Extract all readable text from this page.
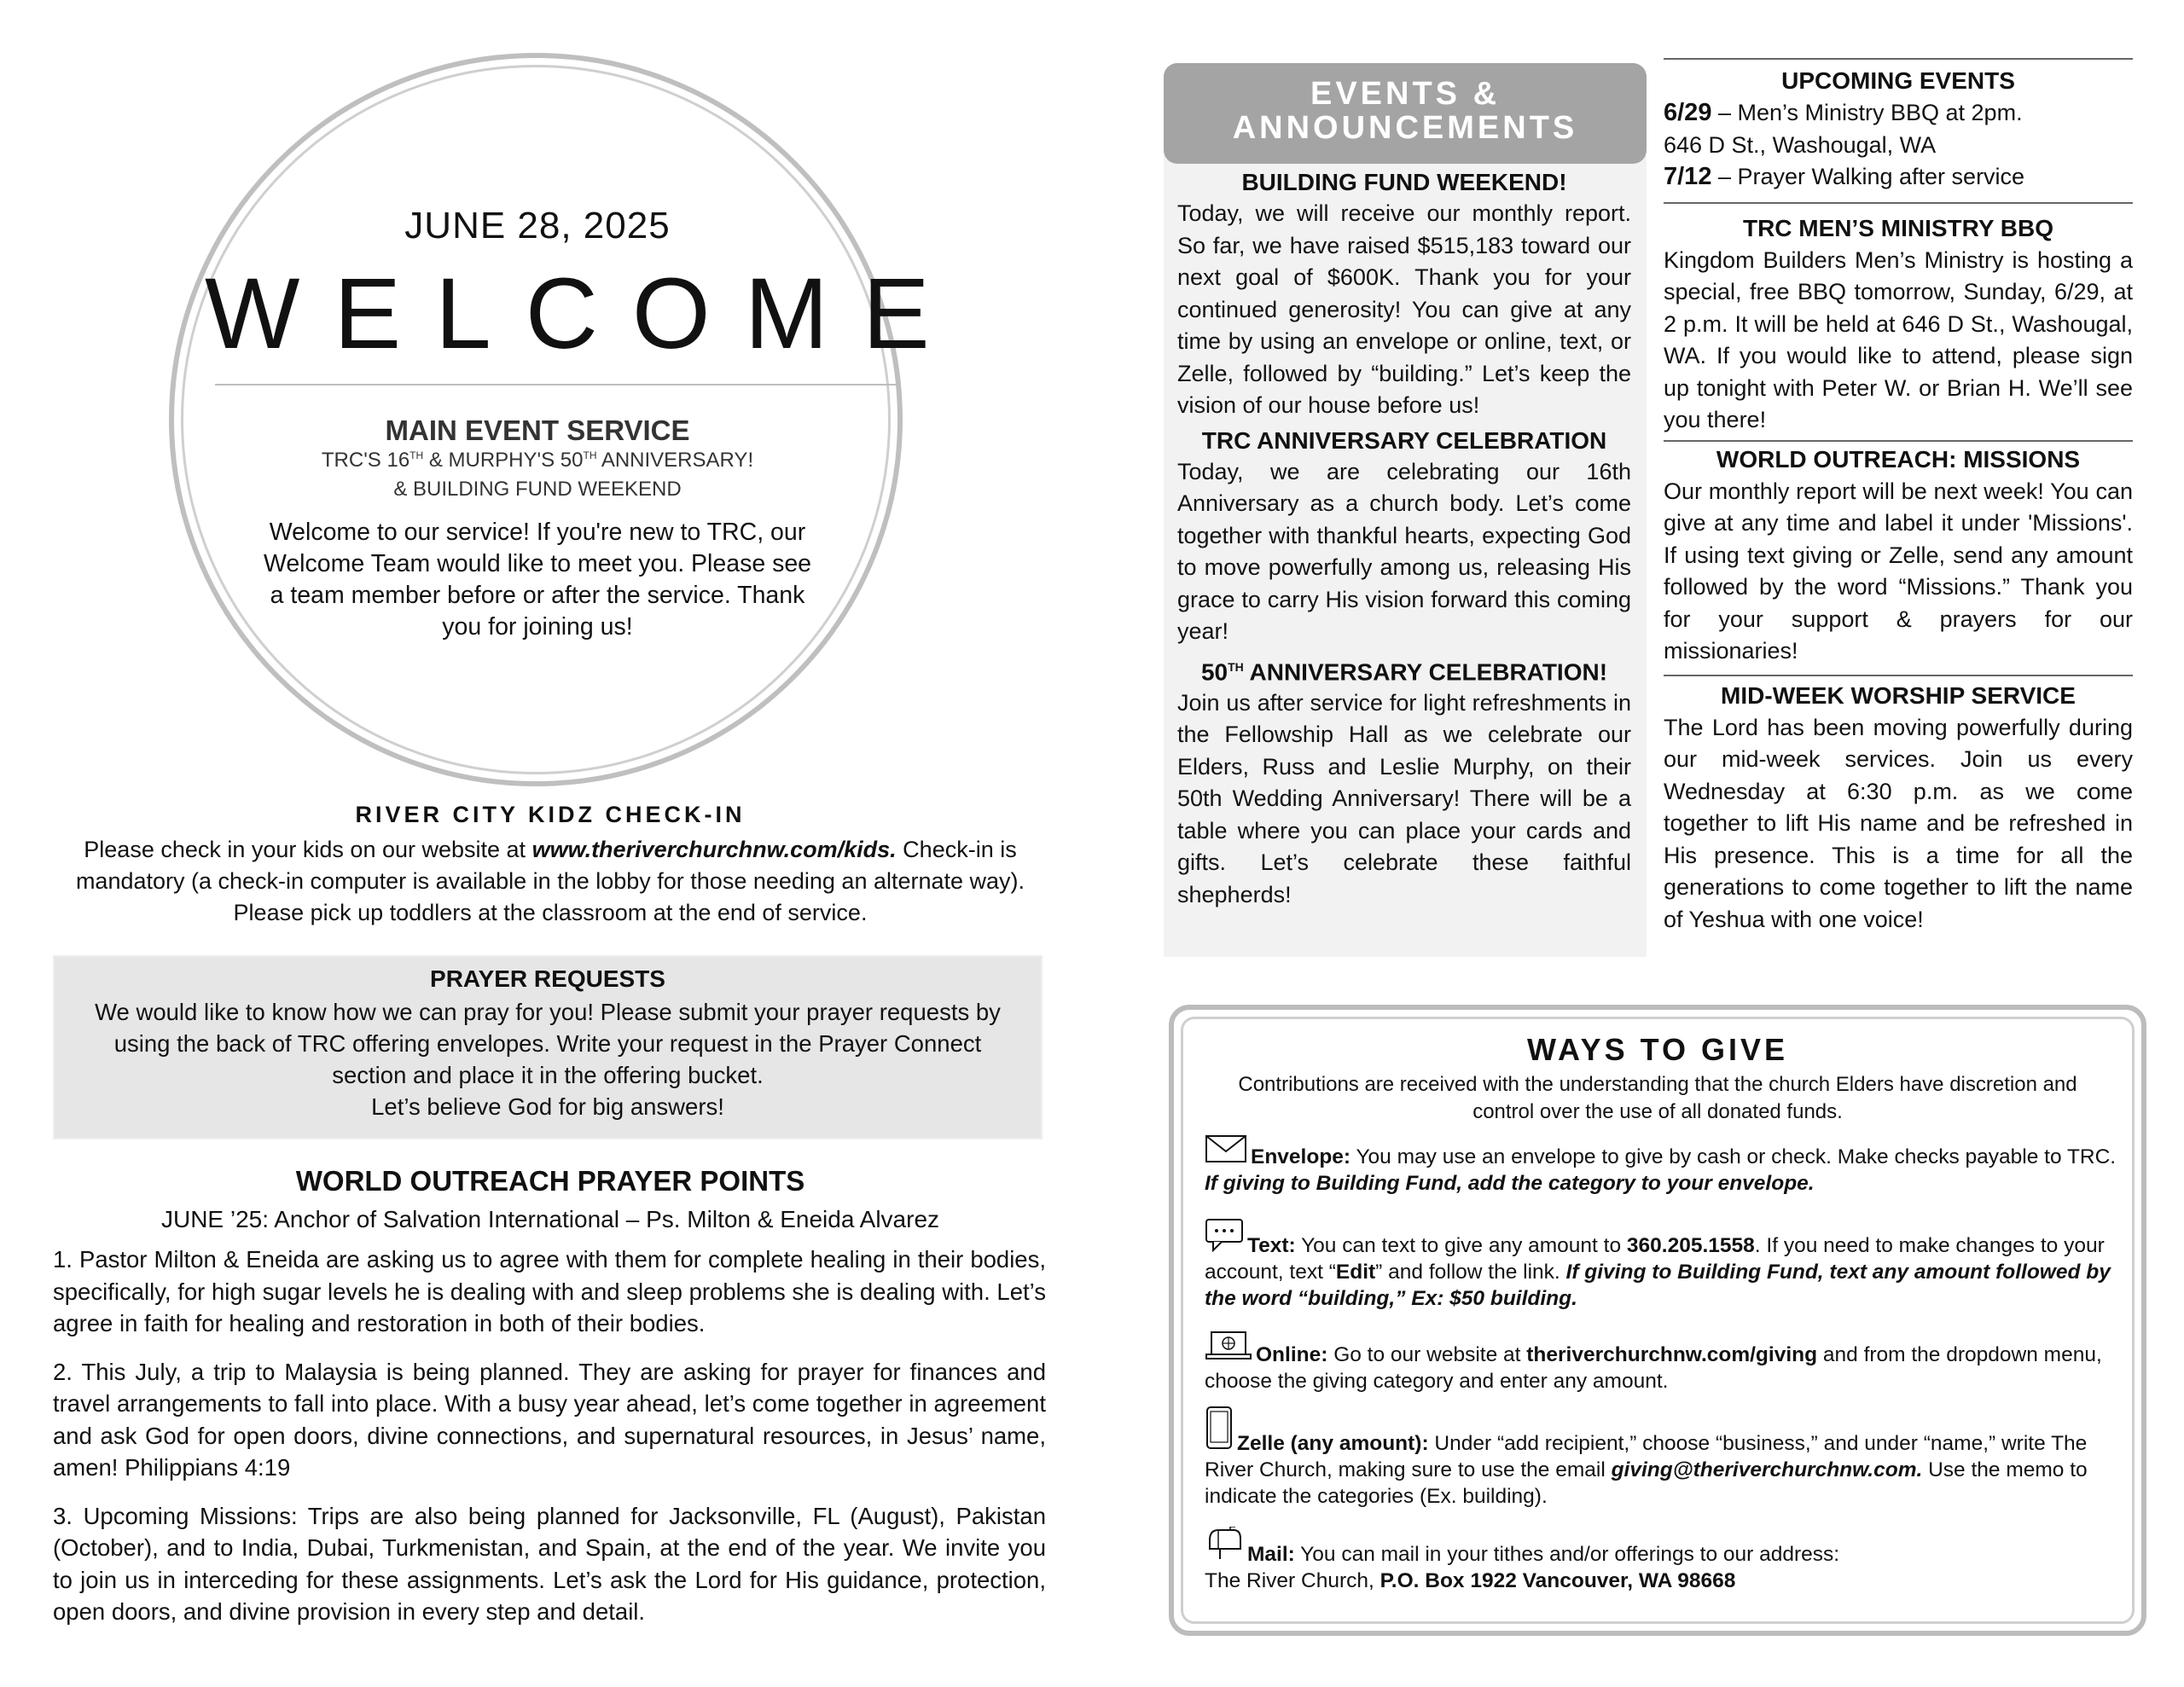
JUNE 28, 2025
WELCOME
MAIN EVENT SERVICE
TRC'S 16TH & MURPHY'S 50TH ANNIVERSARY!
& BUILDING FUND WEEKEND
Welcome to our service! If you're new to TRC, our Welcome Team would like to meet you. Please see a team member before or after the service. Thank you for joining us!
RIVER CITY KIDZ CHECK-IN
Please check in your kids on our website at www.theriverchurchnw.com/kids. Check-in is mandatory (a check-in computer is available in the lobby for those needing an alternate way). Please pick up toddlers at the classroom at the end of service.
PRAYER REQUESTS
We would like to know how we can pray for you! Please submit your prayer requests by using the back of TRC offering envelopes. Write your request in the Prayer Connect section and place it in the offering bucket.
Let’s believe God for big answers!
WORLD OUTREACH PRAYER POINTS
JUNE ’25: Anchor of Salvation International – Ps. Milton & Eneida Alvarez

1. Pastor Milton & Eneida are asking us to agree with them for complete healing in their bodies, specifically, for high sugar levels he is dealing with and sleep problems she is dealing with. Let’s agree in faith for healing and restoration in both of their bodies.

2. This July, a trip to Malaysia is being planned. They are asking for prayer for finances and travel arrangements to fall into place. With a busy year ahead, let’s come together in agreement and ask God for open doors, divine connections, and supernatural resources, in Jesus’ name, amen! Philippians 4:19

3. Upcoming Missions: Trips are also being planned for Jacksonville, FL (August), Pakistan (October), and to India, Dubai, Turkmenistan, and Spain, at the end of the year. We invite you to join us in interceding for these assignments. Let’s ask the Lord for His guidance, protection, open doors, and divine provision in every step and detail.

EVENTS &
ANNOUNCEMENTS
BUILDING FUND WEEKEND!
Today, we will receive our monthly report. So far, we have raised $515,183 toward our next goal of $600K. Thank you for your continued generosity! You can give at any time by using an envelope or online, text, or Zelle, followed by “building.” Let’s keep the vision of our house before us!
TRC ANNIVERSARY CELEBRATION
Today, we are celebrating our 16th Anniversary as a church body. Let’s come together with thankful hearts, expecting God to move powerfully among us, releasing His grace to carry His vision forward this coming year!
50TH ANNIVERSARY CELEBRATION!
Join us after service for light refreshments in the Fellowship Hall as we celebrate our Elders, Russ and Leslie Murphy, on their 50th Wedding Anniversary! There will be a table where you can place your cards and gifts. Let’s celebrate these faithful shepherds!
UPCOMING EVENTS
6/29 – Men’s Ministry BBQ at 2pm.
646 D St., Washougal, WA
7/12 – Prayer Walking after service
TRC MEN’S MINISTRY BBQ
Kingdom Builders Men’s Ministry is hosting a special, free BBQ tomorrow, Sunday, 6/29, at 2 p.m. It will be held at 646 D St., Washougal, WA. If you would like to attend, please sign up tonight with Peter W. or Brian H. We’ll see you there!
WORLD OUTREACH: MISSIONS
Our monthly report will be next week! You can give at any time and label it under 'Missions'. If using text giving or Zelle, send any amount followed by the word “Missions.” Thank you for your support & prayers for our missionaries!
MID-WEEK WORSHIP SERVICE
The Lord has been moving powerfully during our mid-week services. Join us every Wednesday at 6:30 p.m. as we come together to lift His name and be refreshed in His presence. This is a time for all the generations to come together to lift the name of Yeshua with one voice!
WAYS TO GIVE
Contributions are received with the understanding that the church Elders have discretion and control over the use of all donated funds.
Envelope: You may use an envelope to give by cash or check. Make checks payable to TRC. If giving to Building Fund, add the category to your envelope.
Text: You can text to give any amount to 360.205.1558. If you need to make changes to your account, text “Edit” and follow the link. If giving to Building Fund, text any amount followed by the word “building,” Ex: $50 building.
Online: Go to our website at theriverchurchnw.com/giving and from the dropdown menu, choose the giving category and enter any amount.
Zelle (any amount): Under “add recipient,” choose “business,” and under “name,” write The River Church, making sure to use the email giving@theriverchurchnw.com. Use the memo to indicate the categories (Ex. building).
Mail: You can mail in your tithes and/or offerings to our address:
The River Church, P.O. Box 1922 Vancouver, WA 98668
